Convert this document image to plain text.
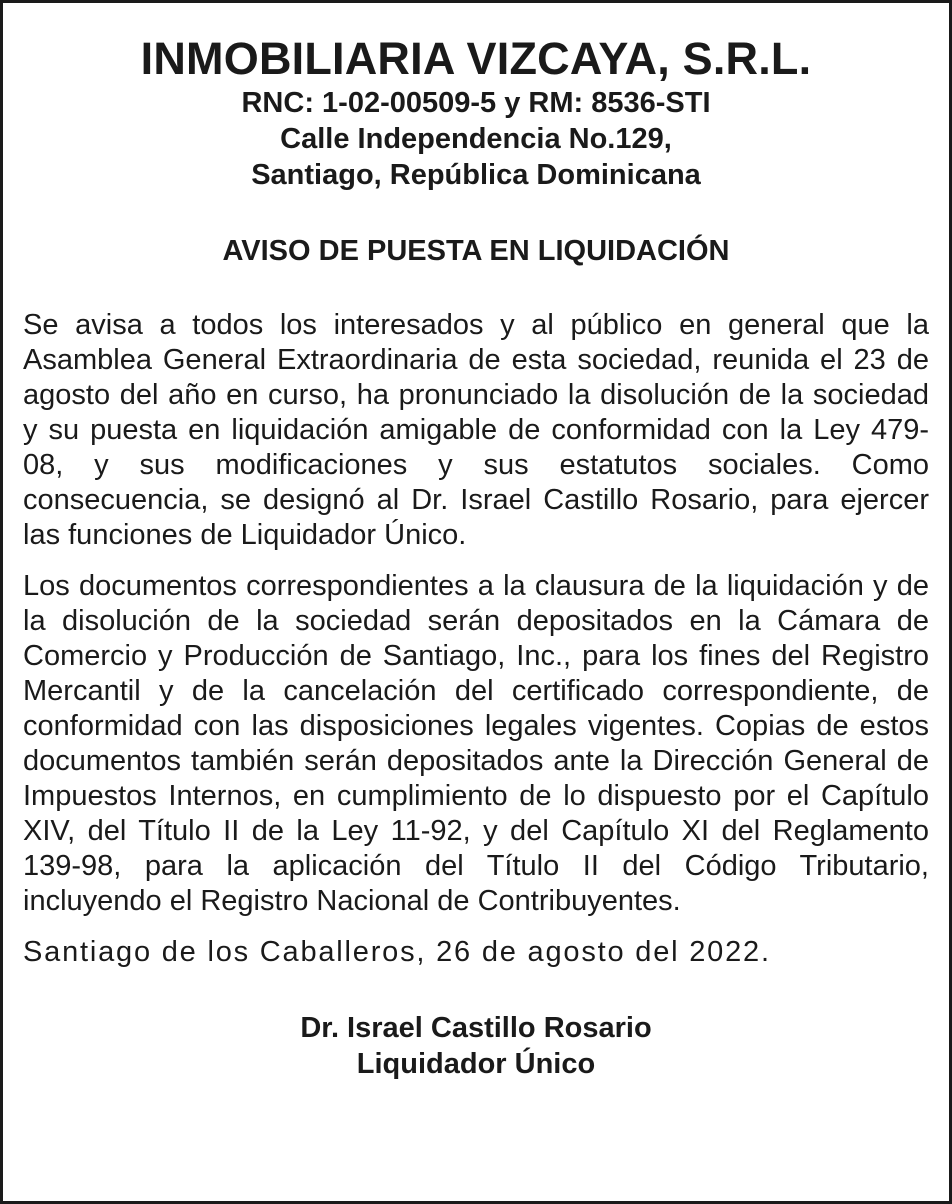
INMOBILIARIA VIZCAYA, S.R.L.
RNC: 1-02-00509-5 y RM: 8536-STI
Calle Independencia No.129,
Santiago, República Dominicana
AVISO DE PUESTA EN LIQUIDACIÓN

Se avisa a todos los interesados y al público en general que la Asamblea General Extraordinaria de esta sociedad, reunida el 23 de agosto del año en curso, ha pronunciado la disolución de la sociedad y su puesta en liquidación amigable de conformidad con la Ley 479-08, y sus modificaciones y sus estatutos sociales. Como consecuencia, se designó al Dr. Israel Castillo Rosario, para ejercer las funciones de Liquidador Único.

Los documentos correspondientes a la clausura de la liquidación y de la disolución de la sociedad serán depositados en la Cámara de Comercio y Producción de Santiago, Inc., para los fines del Registro Mercantil y de la cancelación del certificado correspondiente, de conformidad con las disposiciones legales vigentes. Copias de estos documentos también serán depositados ante la Dirección General de Impuestos Internos, en cumplimiento de lo dispuesto por el Capítulo XIV, del Título II de la Ley 11-92, y del Capítulo XI del Reglamento 139-98, para la aplicación del Título II del Código Tributario, incluyendo el Registro Nacional de Contribuyentes.

Santiago de los Caballeros, 26 de agosto del 2022.
Dr. Israel Castillo Rosario
Liquidador Único
